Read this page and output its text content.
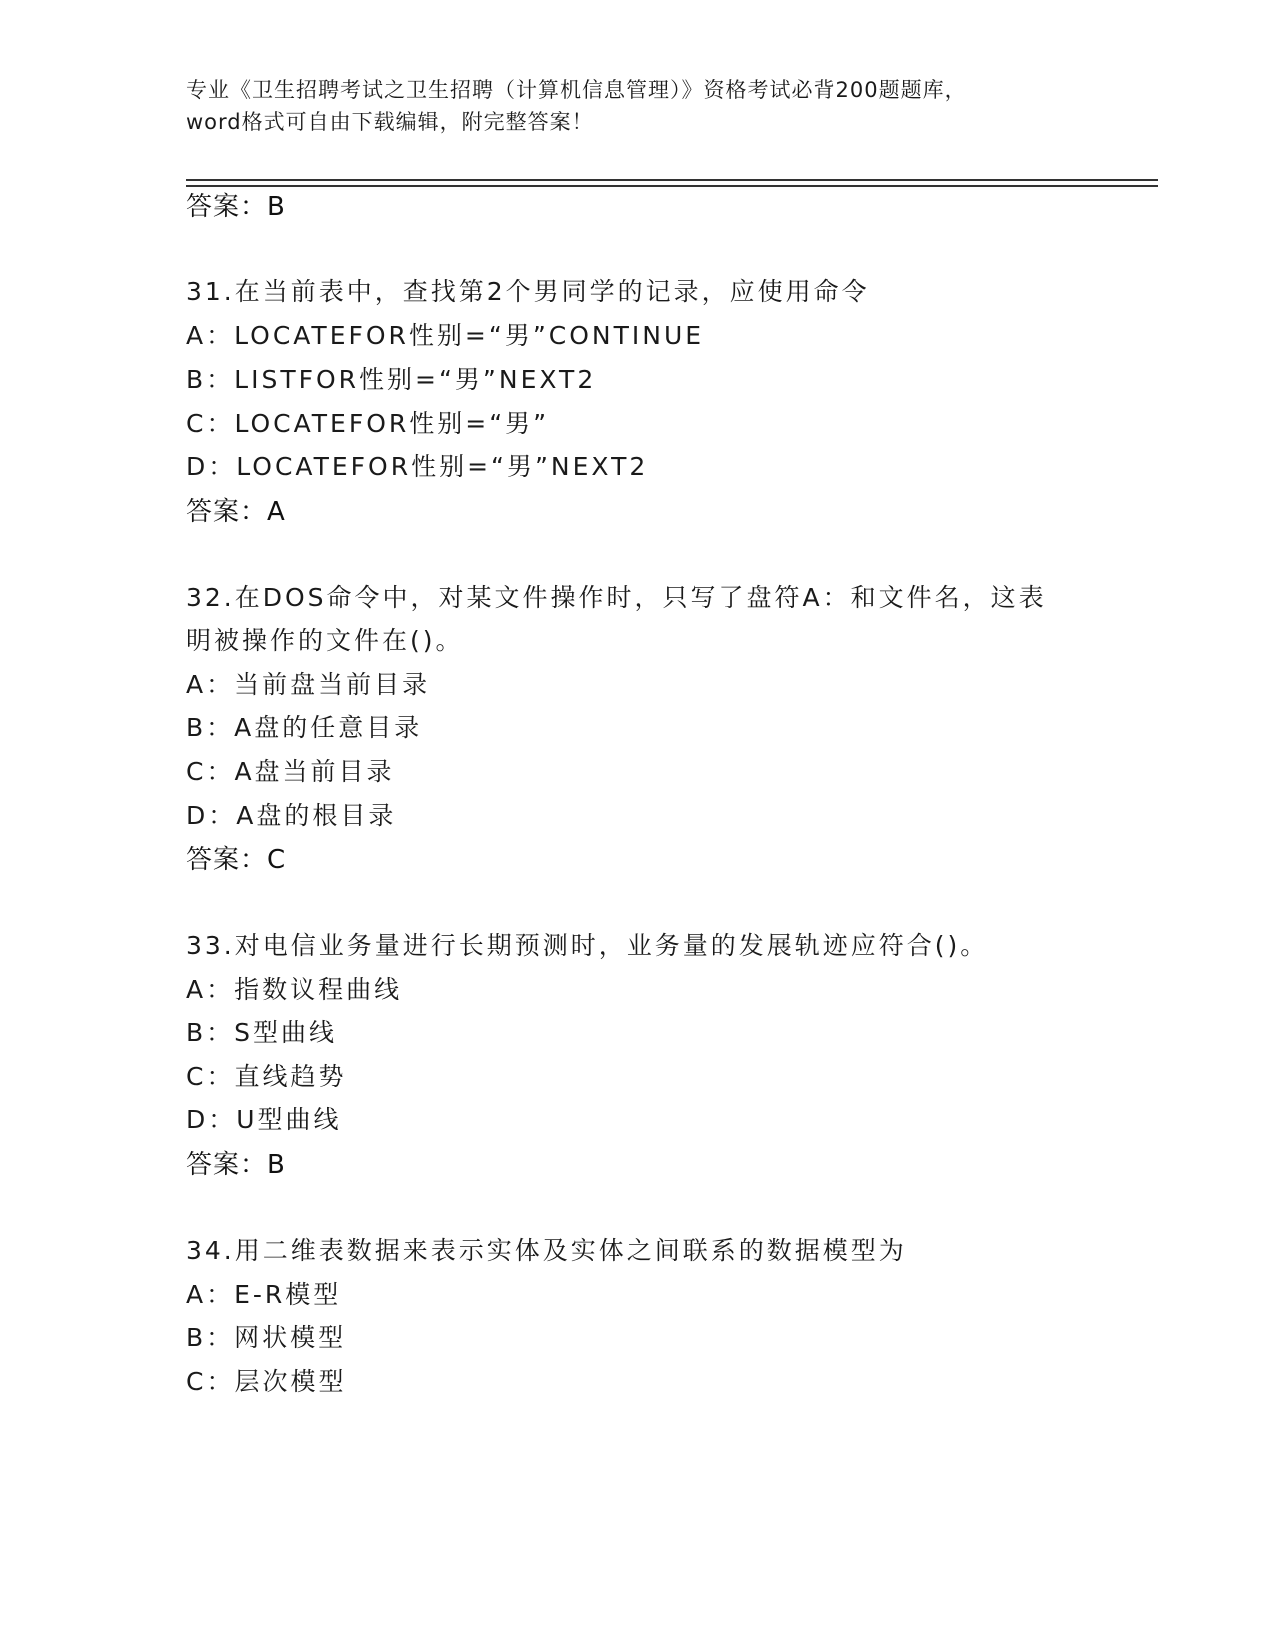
专业《卫生招聘考试之卫生招聘（计算机信息管理）》资格考试必背200题题库，
word格式可自由下载编辑，附完整答案！
答案：B
31.在当前表中，查找第2个男同学的记录，应使用命令
A：LOCATEFOR性别=“男”CONTINUE
B：LISTFOR性别=“男”NEXT2
C：LOCATEFOR性别=“男”
D：LOCATEFOR性别=“男”NEXT2
答案：A
32.在DOS命令中，对某文件操作时，只写了盘符A：和文件名，这表
明被操作的文件在()。
A：当前盘当前目录
B：A盘的任意目录
C：A盘当前目录
D：A盘的根目录
答案：C
33.对电信业务量进行长期预测时，业务量的发展轨迹应符合()。
A：指数议程曲线
B：S型曲线
C：直线趋势
D：U型曲线
答案：B
34.用二维表数据来表示实体及实体之间联系的数据模型为
A：E-R模型
B：网状模型
C：层次模型
